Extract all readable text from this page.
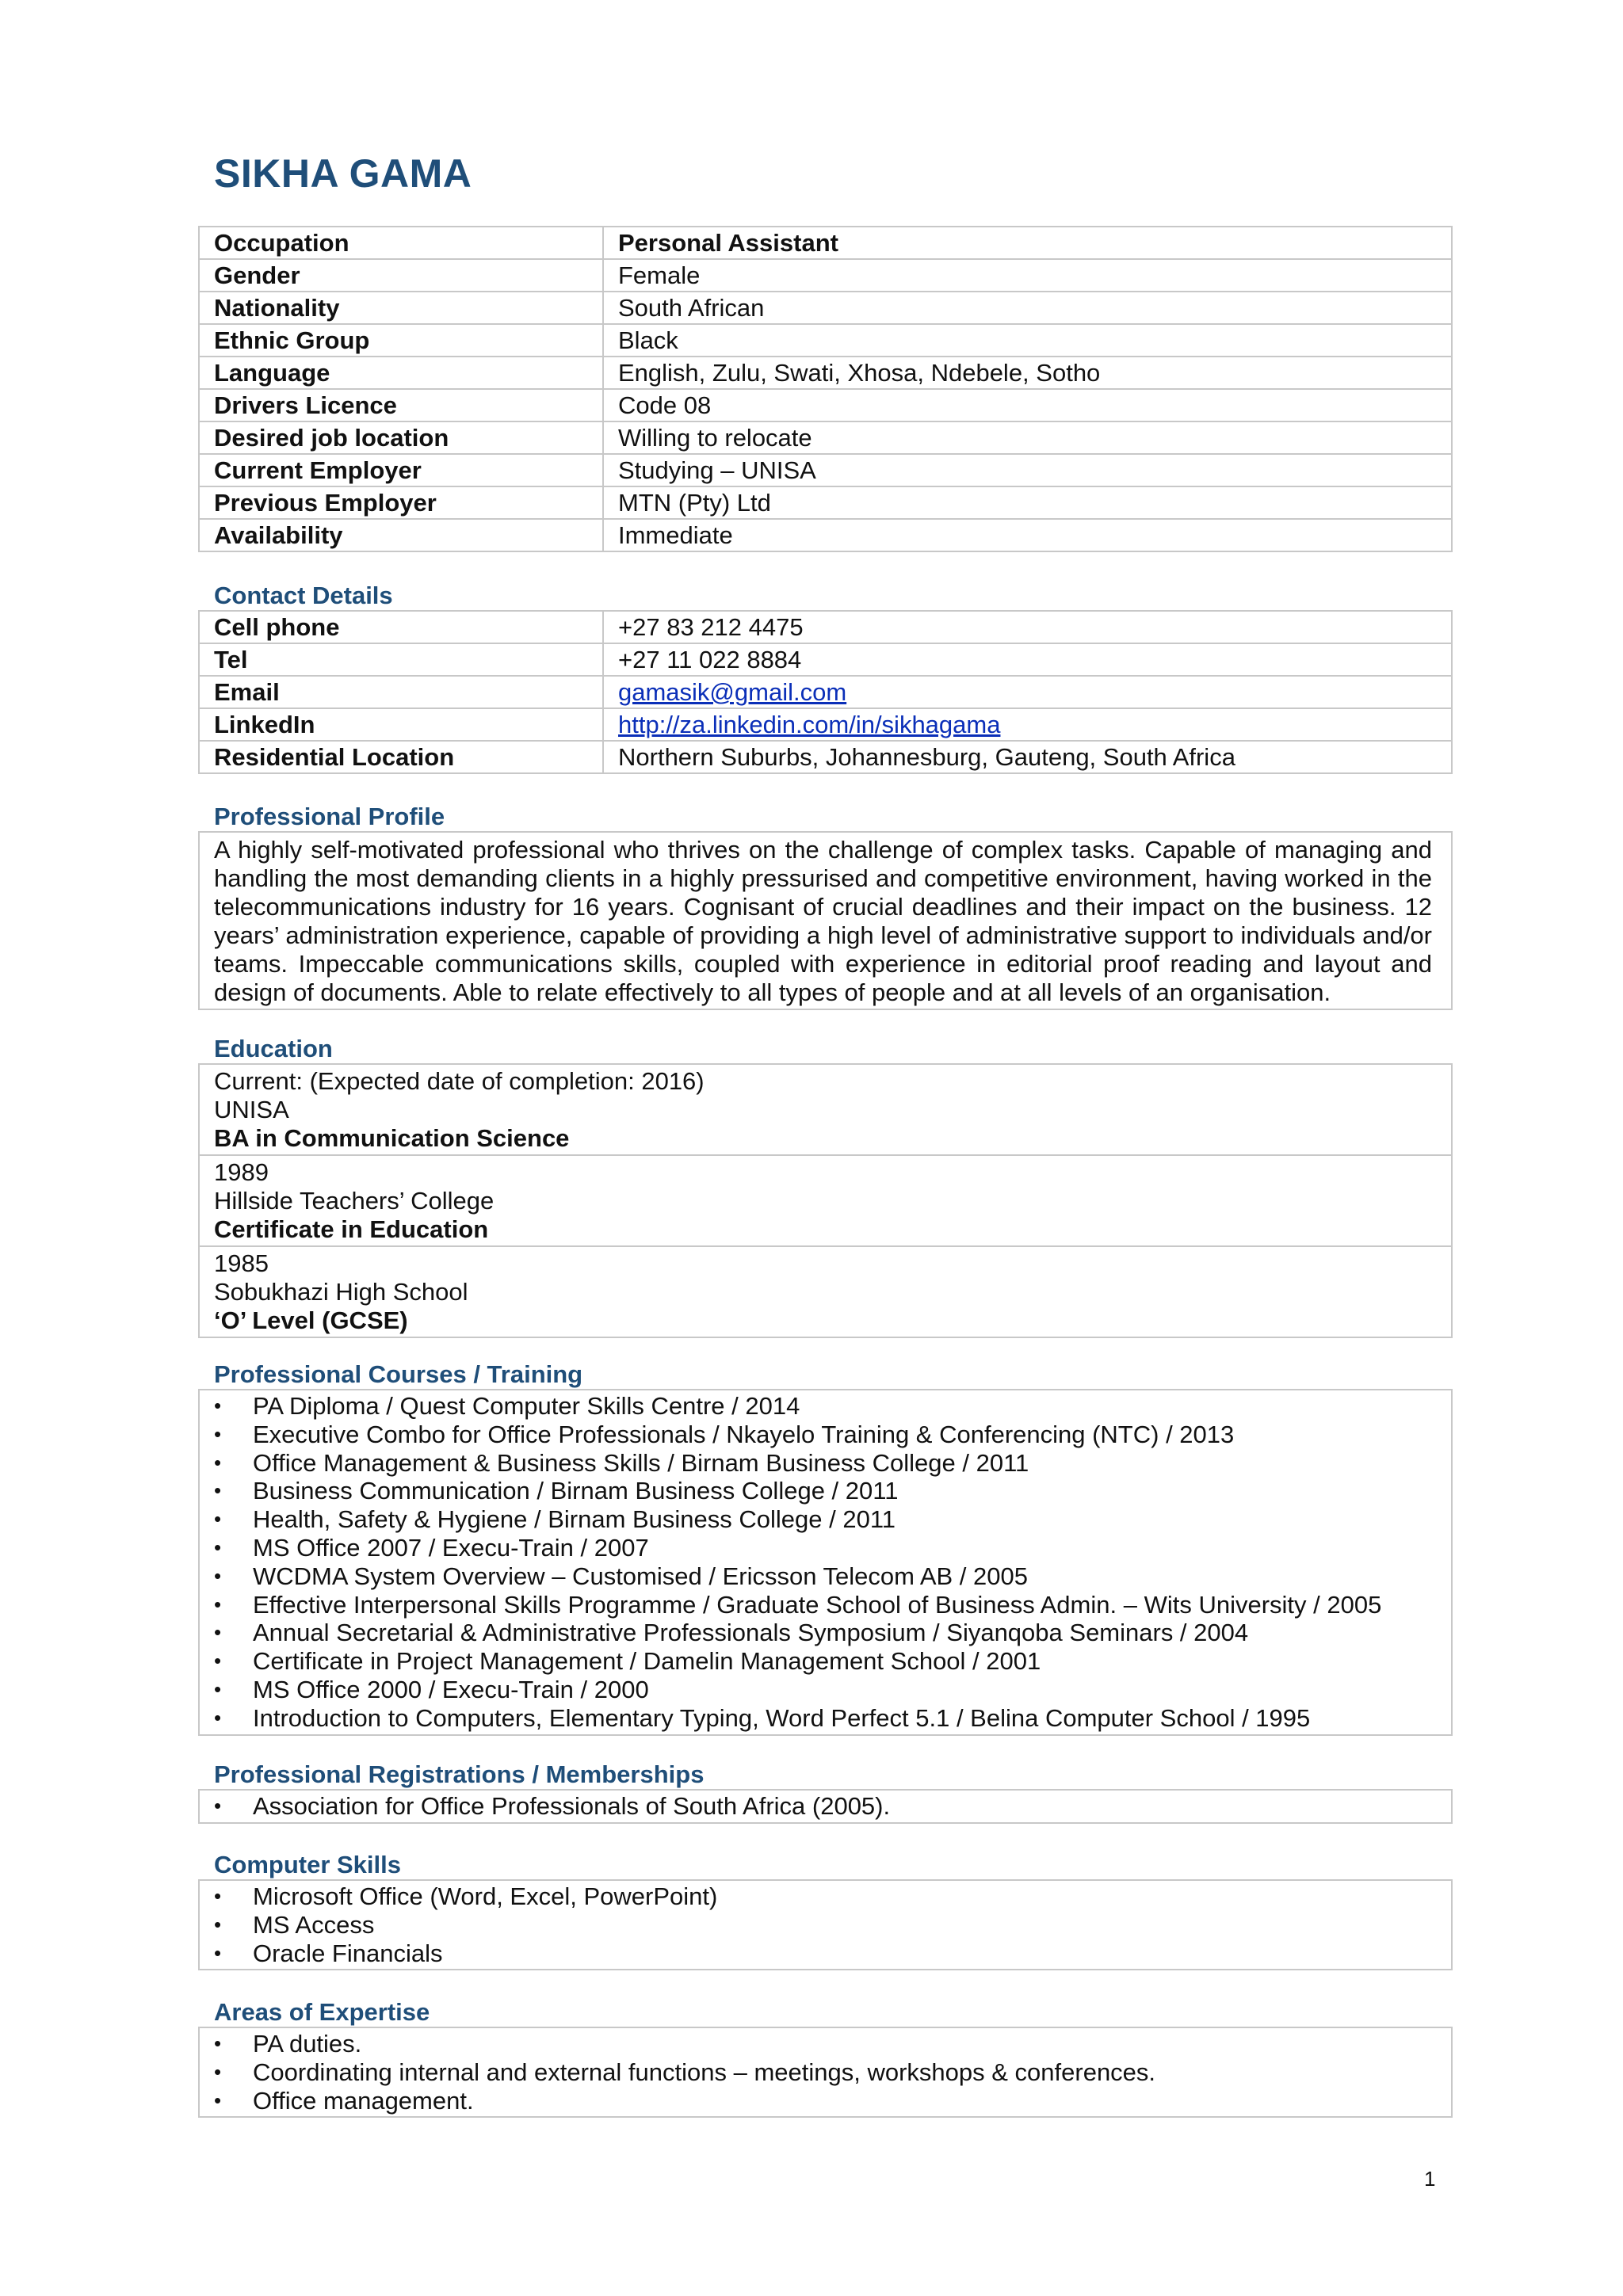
SIKHA GAMA
Occupation	Personal Assistant
Gender	Female
Nationality	South African
Ethnic Group	Black
Language	English, Zulu, Swati, Xhosa, Ndebele, Sotho
Drivers Licence	Code 08
Desired job location	Willing to relocate
Current Employer	Studying – UNISA
Previous Employer	MTN (Pty) Ltd
Availability	Immediate
Contact Details
Cell phone	+27 83 212 4475
Tel	+27 11 022 8884
Email	gamasik@gmail.com
LinkedIn	http://za.linkedin.com/in/sikhagama
Residential Location	Northern Suburbs, Johannesburg, Gauteng, South Africa
Professional Profile
A highly self-motivated professional who thrives on the challenge of complex tasks. Capable of managing and handling the most demanding clients in a highly pressurised and competitive environment, having worked in the telecommunications industry for 16 years. Cognisant of crucial deadlines and their impact on the business. 12 years’ administration experience, capable of providing a high level of administrative support to individuals and/or teams. Impeccable communications skills, coupled with experience in editorial proof reading and layout and design of documents. Able to relate effectively to all types of people and at all levels of an organisation.
Education
Current: (Expected date of completion: 2016)
UNISA
BA in Communication Science
1989
Hillside Teachers’ College
Certificate in Education
1985
Sobukhazi High School
‘O’ Level (GCSE)
Professional Courses / Training
• PA Diploma / Quest Computer Skills Centre / 2014
• Executive Combo for Office Professionals / Nkayelo Training & Conferencing (NTC) / 2013
• Office Management & Business Skills / Birnam Business College / 2011
• Business Communication / Birnam Business College / 2011
• Health, Safety & Hygiene / Birnam Business College / 2011
• MS Office 2007 / Execu-Train / 2007
• WCDMA System Overview – Customised / Ericsson Telecom AB / 2005
• Effective Interpersonal Skills Programme / Graduate School of Business Admin. – Wits University / 2005
• Annual Secretarial & Administrative Professionals Symposium / Siyanqoba Seminars / 2004
• Certificate in Project Management / Damelin Management School / 2001
• MS Office 2000 / Execu-Train / 2000
• Introduction to Computers, Elementary Typing, Word Perfect 5.1 / Belina Computer School / 1995
Professional Registrations / Memberships
• Association for Office Professionals of South Africa (2005).
Computer Skills
• Microsoft Office (Word, Excel, PowerPoint)
• MS Access
• Oracle Financials
Areas of Expertise
• PA duties.
• Coordinating internal and external functions – meetings, workshops & conferences.
• Office management.
1
